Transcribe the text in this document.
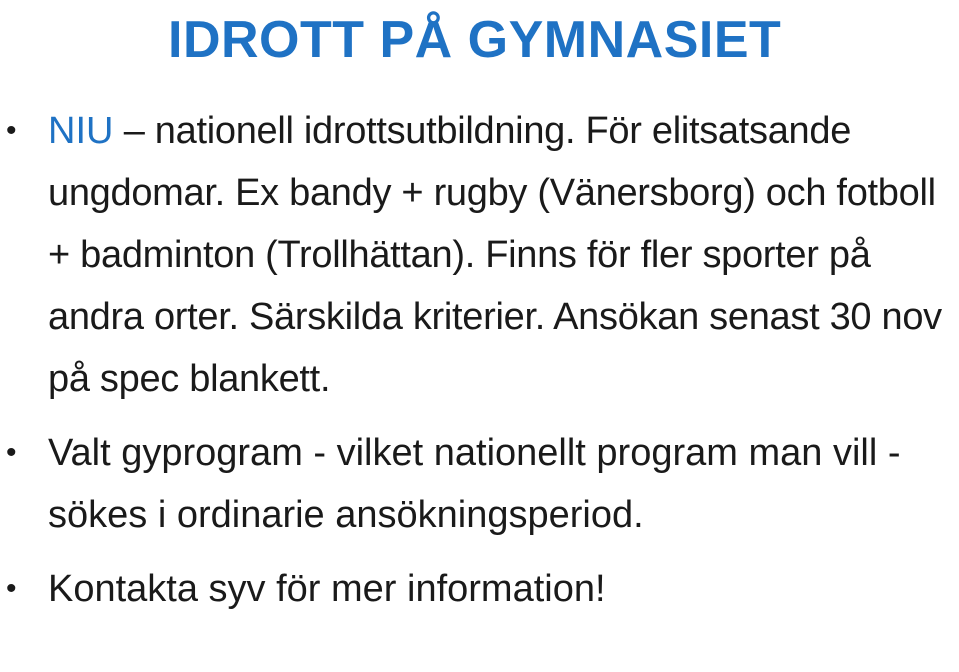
IDROTT PÅ GYMNASIET
• NIU – nationell idrottsutbildning. För elitsatsande ungdomar. Ex bandy + rugby (Vänersborg) och fotboll + badminton (Trollhättan). Finns för fler sporter på andra orter. Särskilda kriterier. Ansökan senast 30 nov på spec blankett.
• Valt gyprogram - vilket nationellt program man vill - sökes i ordinarie ansökningsperiod.
• Kontakta syv för mer information!
